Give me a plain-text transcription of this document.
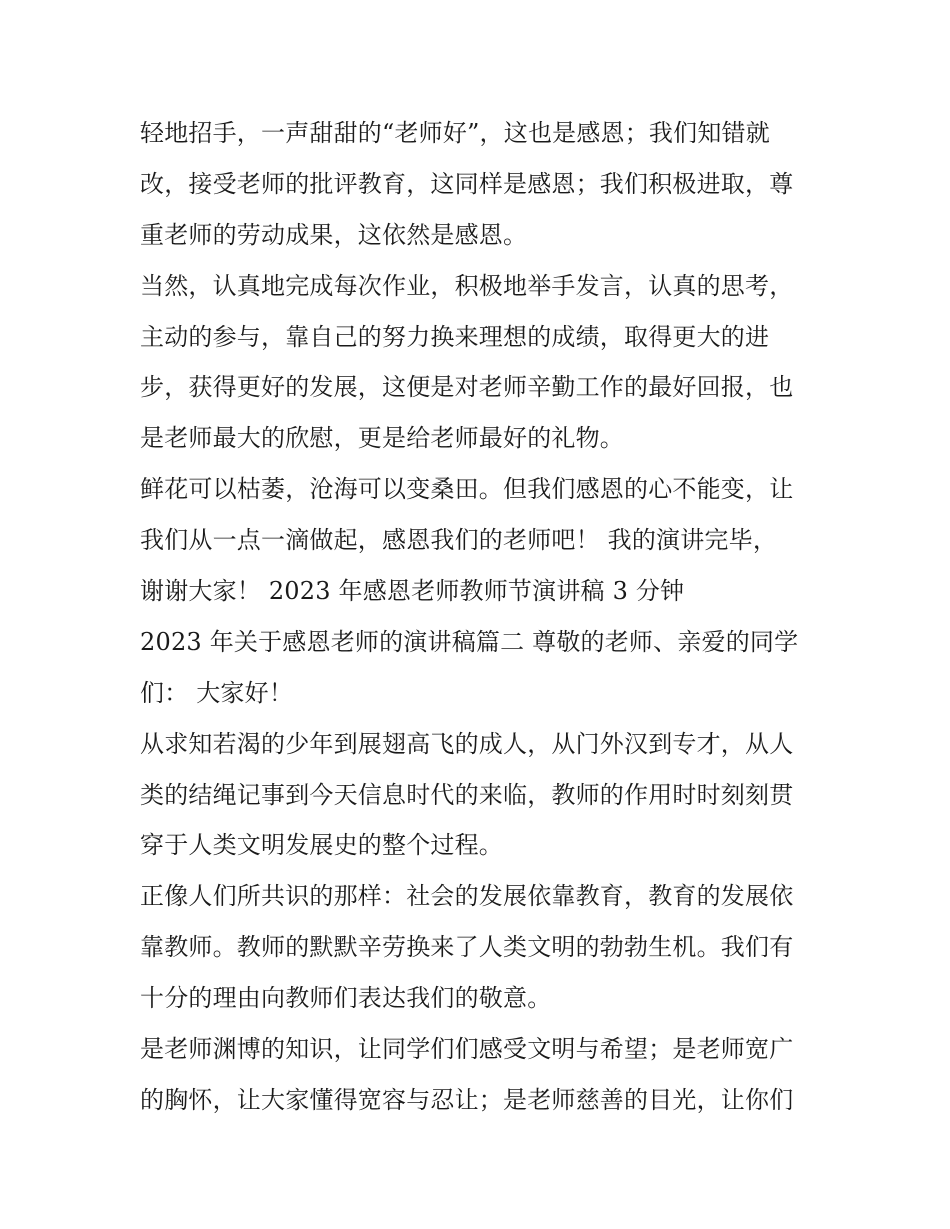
轻地招手，一声甜甜的“老师好”，这也是感恩；我们知错就
改，接受老师的批评教育，这同样是感恩；我们积极进取，尊
重老师的劳动成果，这依然是感恩。
当然，认真地完成每次作业，积极地举手发言，认真的思考，
主动的参与，靠自己的努力换来理想的成绩，取得更大的进
步，获得更好的发展，这便是对老师辛勤工作的最好回报，也
是老师最大的欣慰，更是给老师最好的礼物。
鲜花可以枯萎，沧海可以变桑田。但我们感恩的心不能变，让
我们从一点一滴做起，感恩我们的老师吧！ 我的演讲完毕，
谢谢大家！ 2023 年感恩老师教师节演讲稿 3 分钟
2023 年关于感恩老师的演讲稿篇二 尊敬的老师、亲爱的同学
们： 大家好！
从求知若渴的少年到展翅高飞的成人，从门外汉到专才，从人
类的结绳记事到今天信息时代的来临，教师的作用时时刻刻贯
穿于人类文明发展史的整个过程。
正像人们所共识的那样：社会的发展依靠教育，教育的发展依
靠教师。教师的默默辛劳换来了人类文明的勃勃生机。我们有
十分的理由向教师们表达我们的敬意。
是老师渊博的知识，让同学们们感受文明与希望；是老师宽广
的胸怀，让大家懂得宽容与忍让；是老师慈善的目光，让你们
